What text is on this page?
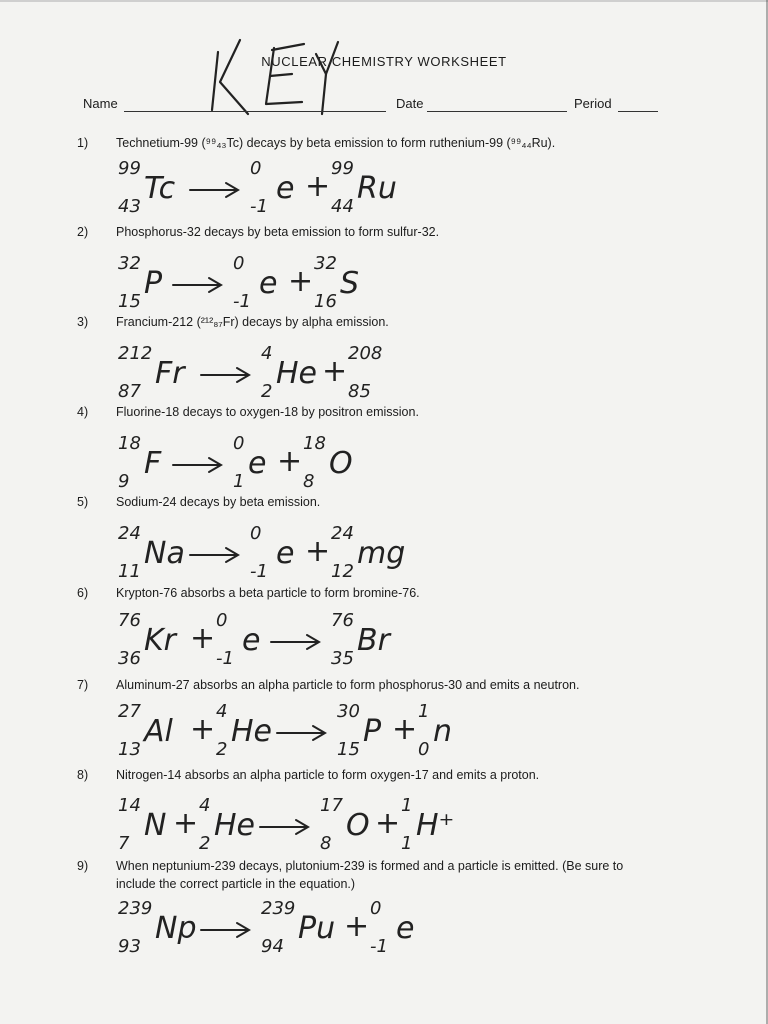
NUCLEAR CHEMISTRY WORKSHEET
Name	Date	Period
1) Technetium-99 (⁹⁹₄₃Tc) decays by beta emission to form ruthenium-99 (⁹⁹₄₄Ru).
99
43
Tc
0
-1
e +
99
44
Ru
2) Phosphorus-32 decays by beta emission to form sulfur-32.
32
15
P
0
-1
e +
32
16
S
3) Francium-212 (²¹²₈₇Fr) decays by alpha emission.
212
87
Fr
4
2
He +
208
85
4) Fluorine-18 decays to oxygen-18 by positron emission.
18
9
F
0
1
e +
18
8
O
5) Sodium-24 decays by beta emission.
24
11
Na
0
-1
e +
24
12
mg
6) Krypton-76 absorbs a beta particle to form bromine-76.
76
36
Kr +
0
-1
e
76
35
Br
7) Aluminum-27 absorbs an alpha particle to form phosphorus-30 and emits a neutron.
27
13
Al +
4
2
He
30
15
P +
1
0
n
8) Nitrogen-14 absorbs an alpha particle to form oxygen-17 and emits a proton.
14
7
N +
4
2
He
17
8
O +
1
1
H⁺
9) When neptunium-239 decays, plutonium-239 is formed and a particle is emitted. (Be sure to include the correct particle in the equation.)
239
93
Np
239
94
Pu +
0
-1
e
